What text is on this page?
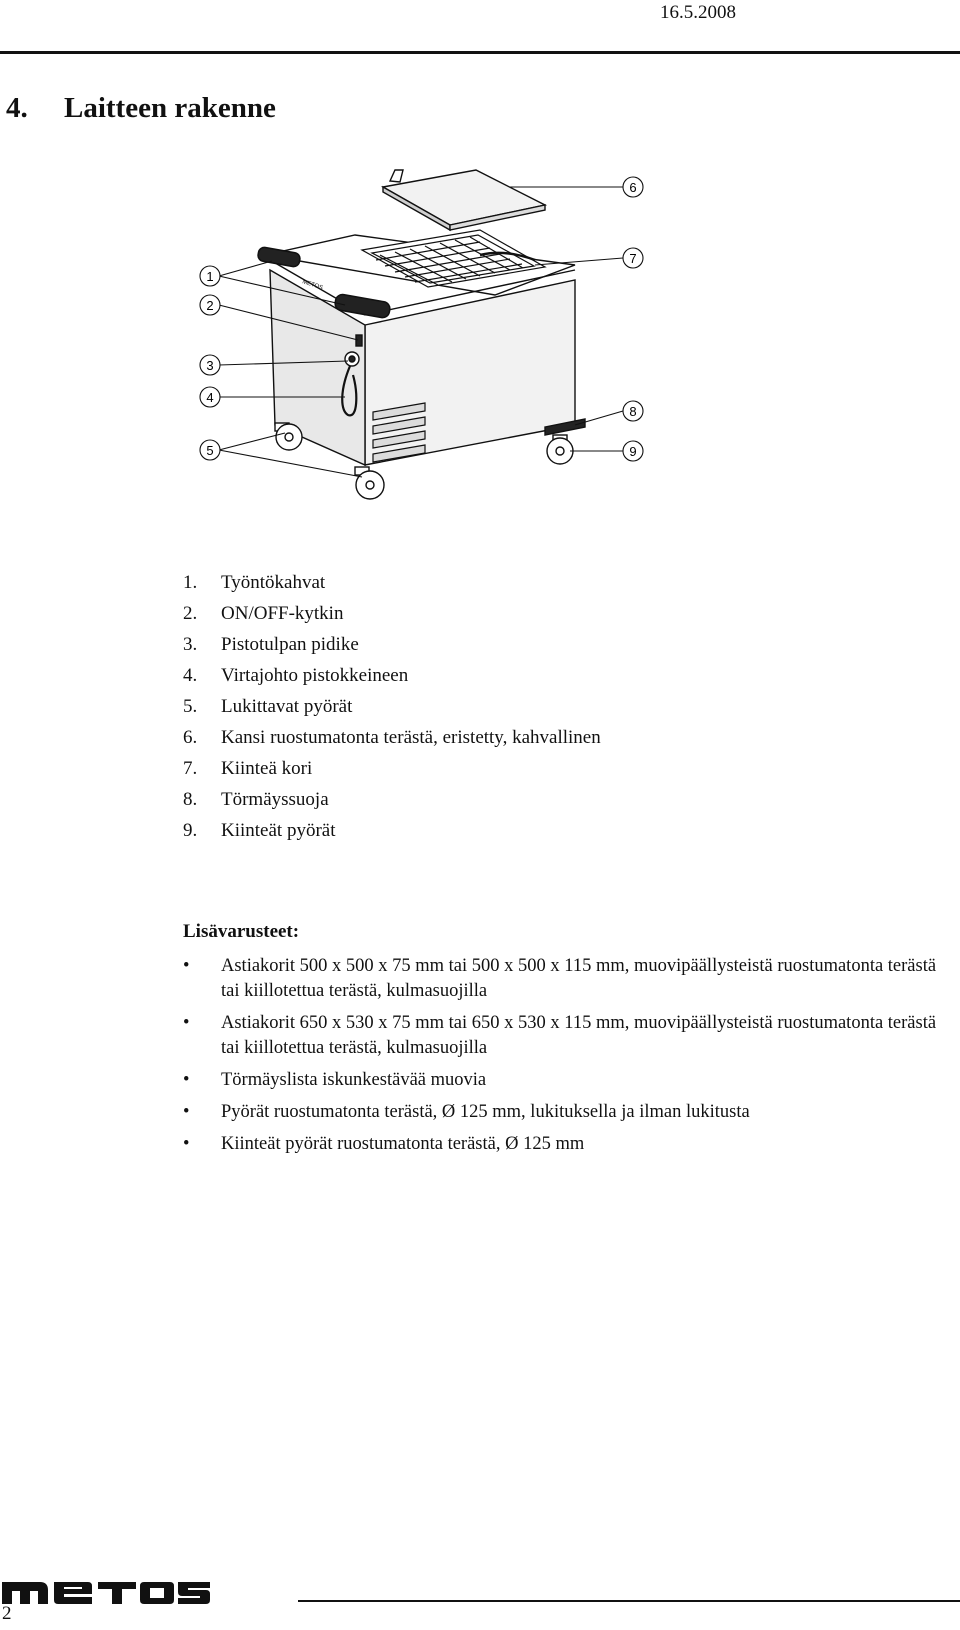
16.5.2008
4. Laitteen rakenne
METOS
1
2
3
4
5
6
7
8
9
1. Työntökahvat
2. ON/OFF-kytkin
3. Pistotulpan pidike
4. Virtajohto pistokkeineen
5. Lukittavat pyörät
6. Kansi ruostumatonta terästä, eristetty, kahvallinen
7. Kiinteä kori
8. Törmäyssuoja
9. Kiinteät pyörät
Lisävarusteet:
• Astiakorit 500 x 500 x 75 mm tai 500 x 500 x 115 mm, muovipäällysteistä ruostumatonta terästä tai kiillotettua terästä, kulmasuojilla
• Astiakorit 650 x 530 x 75 mm tai 650 x 530 x 115 mm, muovipäällysteistä ruostumatonta terästä tai kiillotettua terästä, kulmasuojilla
• Törmäyslista iskunkestävää muovia
• Pyörät ruostumatonta terästä, Ø 125 mm, lukituksella ja ilman lukitusta
• Kiinteät pyörät ruostumatonta terästä, Ø 125 mm
2
